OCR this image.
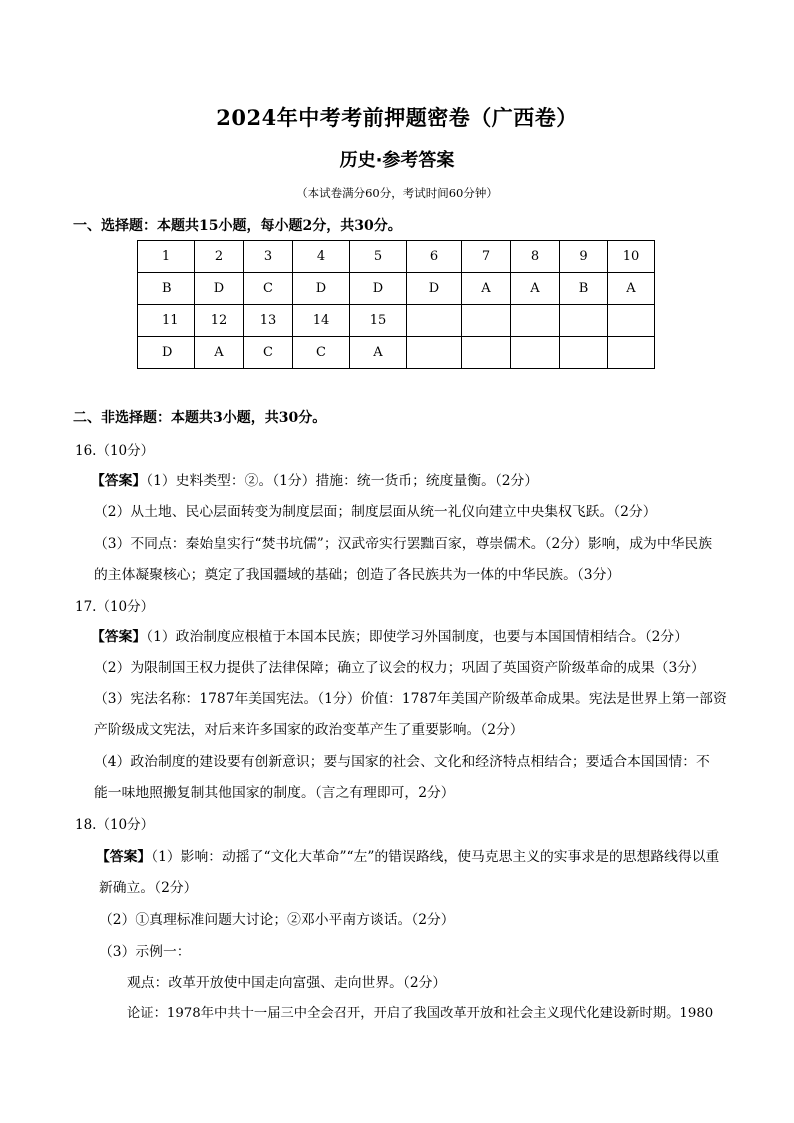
2024年中考考前押题密卷（广西卷）
历史·参考答案
（本试卷满分60分，考试时间60分钟）
一、选择题：本题共15小题，每小题2分，共30分。
1	2	3	4	5	6	7	8	9	10
B	D	C	D	D	D	A	A	B	A
11	12	13	14	15					
D	A	C	C	A					
二、非选择题：本题共3小题，共30分。
16.（10分）
【答案】（1）史料类型：②。（1分）措施：统一货币；统度量衡。（2分）
（2）从土地、民心层面转变为制度层面；制度层面从统一礼仪向建立中央集权飞跃。（2分）
（3）不同点：秦始皇实行“焚书坑儒”；汉武帝实行罢黜百家，尊崇儒术。（2分）影响，成为中华民族
的主体凝聚核心；奠定了我国疆域的基础；创造了各民族共为一体的中华民族。（3分）
17.（10分）
【答案】（1）政治制度应根植于本国本民族；即使学习外国制度，也要与本国国情相结合。（2分）
（2）为限制国王权力提供了法律保障；确立了议会的权力；巩固了英国资产阶级革命的成果（3分）
（3）宪法名称：1787年美国宪法。（1分）价值：1787年美国产阶级革命成果。宪法是世界上第一部资
产阶级成文宪法，对后来许多国家的政治变革产生了重要影响。（2分）
（4）政治制度的建设要有创新意识；要与国家的社会、文化和经济特点相结合；要适合本国国情：不
能一味地照搬复制其他国家的制度。（言之有理即可，2分）
18.（10分）
【答案】（1）影响：动摇了“文化大革命”“左”的错误路线，使马克思主义的实事求是的思想路线得以重
新确立。（2分）
（2）①真理标准问题大讨论；②邓小平南方谈话。（2分）
（3）示例一：
观点：改革开放使中国走向富强、走向世界。（2分）
论证：1978年中共十一届三中全会召开，开启了我国改革开放和社会主义现代化建设新时期。1980
